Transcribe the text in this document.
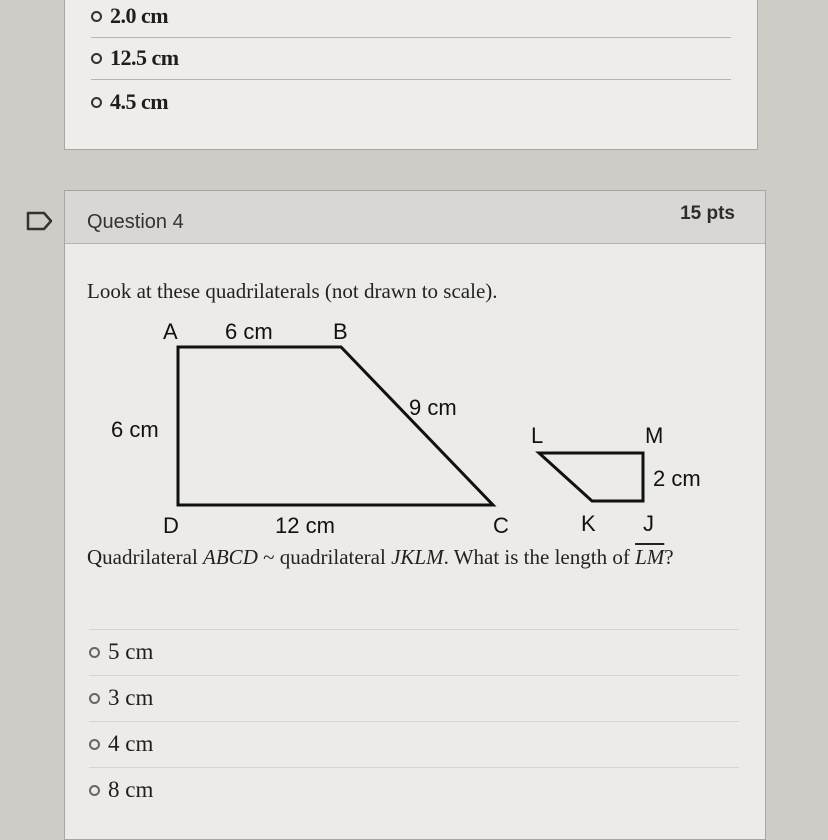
2.0 cm
12.5 cm
4.5 cm
Question 4	15 pts
Look at these quadrilaterals (not drawn to scale).
A	B
C
D
6 cm
6 cm
9 cm
12 cm
L	M
K J
2 cm
Quadrilateral ABCD ~ quadrilateral JKLM. What is the length of $\overline{LM}$?
5 cm
3 cm
4 cm
8 cm
